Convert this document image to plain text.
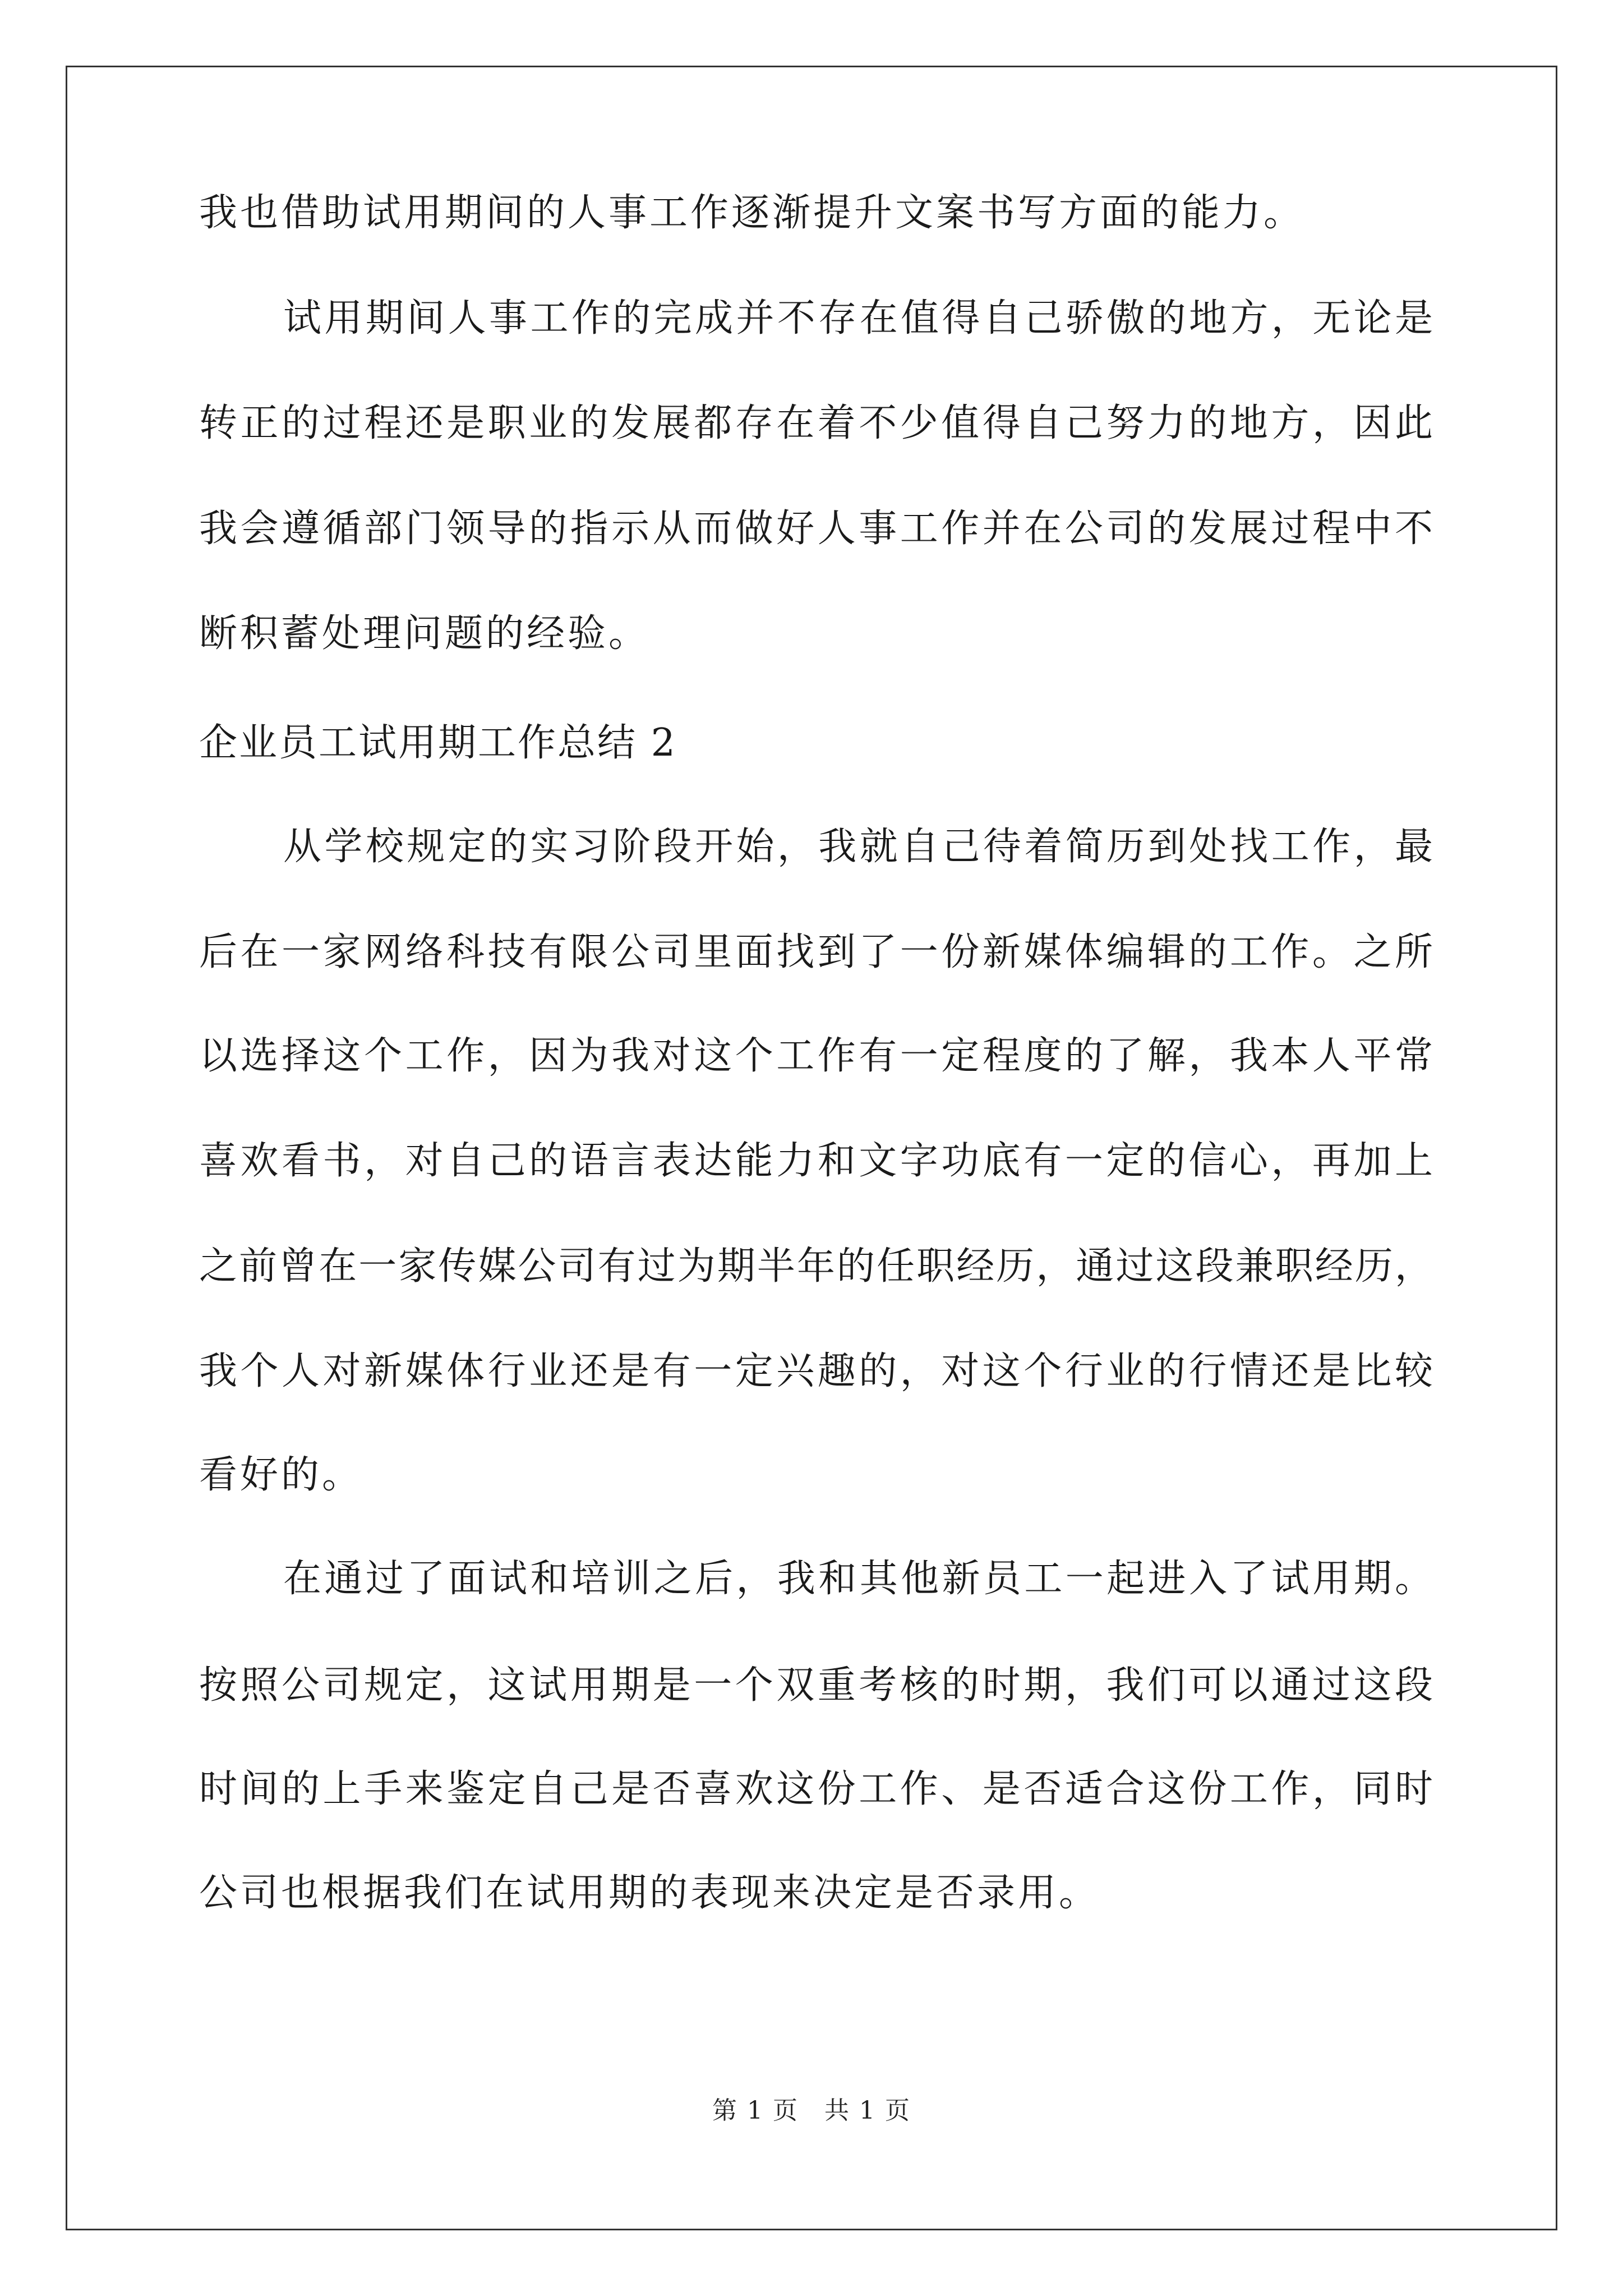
我也借助试用期间的人事工作逐渐提升文案书写方面的能力。
试 用 期 间 人 事 工 作 的 完 成 并 不 存 在 值 得 自 己 骄 傲 的 地 方 ， 无 论 是
转 正 的 过 程 还 是 职 业 的 发 展 都 存 在 着 不 少 值 得 自 己 努 力 的 地 方 ， 因 此
我 会 遵 循 部 门 领 导 的 指 示 从 而 做 好 人 事 工 作 并 在 公 司 的 发 展 过 程 中 不
断积蓄处理问题的经验。
企业员工试用期工作总结 2
从 学 校 规 定 的 实 习 阶 段 开 始 ， 我 就 自 己 待 着 简 历 到 处 找 工 作 ， 最
后 在 一 家 网 络 科 技 有 限 公 司 里 面 找 到 了 一 份 新 媒 体 编 辑 的 工 作 。 之 所
以 选 择 这 个 工 作 ， 因 为 我 对 这 个 工 作 有 一 定 程 度 的 了 解 ， 我 本 人 平 常
喜 欢 看 书 ， 对 自 己 的 语 言 表 达 能 力 和 文 字 功 底 有 一 定 的 信 心 ， 再 加 上
之 前 曾 在 一 家 传 媒 公 司 有 过 为 期 半 年 的 任 职 经 历 ， 通 过 这 段 兼 职 经 历 ，
我 个 人 对 新 媒 体 行 业 还 是 有 一 定 兴 趣 的 ， 对 这 个 行 业 的 行 情 还 是 比 较
看好的。
在 通 过 了 面 试 和 培 训 之 后 ， 我 和 其 他 新 员 工 一 起 进 入 了 试 用 期 。
按 照 公 司 规 定 ， 这 试 用 期 是 一 个 双 重 考 核 的 时 期 ， 我 们 可 以 通 过 这 段
时 间 的 上 手 来 鉴 定 自 己 是 否 喜 欢 这 份 工 作 、 是 否 适 合 这 份 工 作 ， 同 时
公司也根据我们在试用期的表现来决定是否录用。
第 1 页　共 1 页
